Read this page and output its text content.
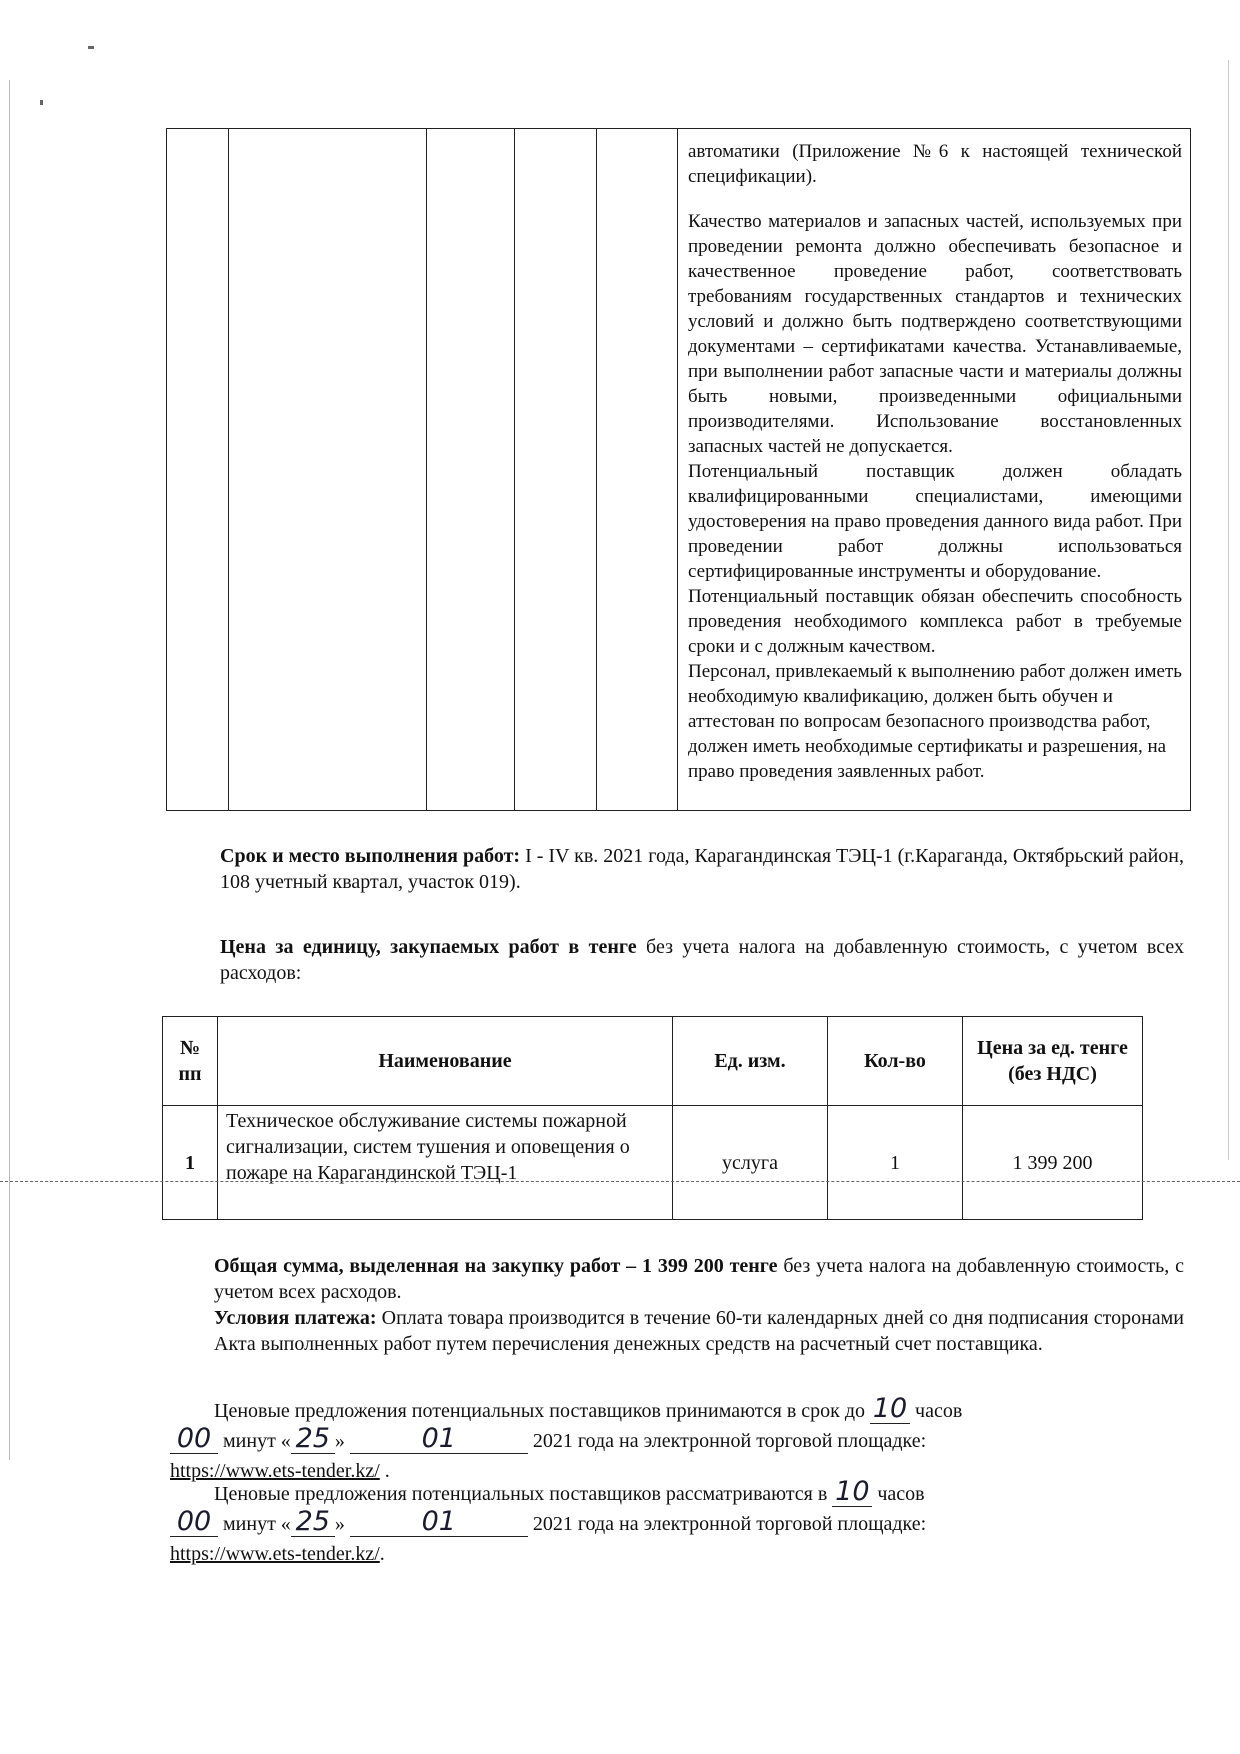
автоматики (Приложение №6 к настоящей технической спецификации).

Качество материалов и запасных частей, используемых при проведении ремонта должно обеспечивать безопасное и качественное проведение работ, соответствовать требованиям государственных стандартов и технических условий и должно быть подтверждено соответствующими документами – сертификатами качества. Устанавливаемые, при выполнении работ запасные части и материалы должны быть новыми, произведенными официальными производителями. Использование восстановленных запасных частей не допускается.

Потенциальный поставщик должен обладать квалифицированными специалистами, имеющими удостоверения на право проведения данного вида работ. При проведении работ должны использоваться сертифицированные инструменты и оборудование.

Потенциальный поставщик обязан обеспечить способность проведения необходимого комплекса работ в требуемые сроки и с должным качеством.

Персонал, привлекаемый к выполнению работ должен иметь необходимую квалификацию, должен быть обучен и аттестован по вопросам безопасного производства работ, должен иметь необходимые сертификаты и разрешения, на право проведения заявленных работ.

Срок и место выполнения работ: I - IV кв. 2021 года, Карагандинская ТЭЦ-1 (г.Караганда, Октябрьский район, 108 учетный квартал, участок 019).

Цена за единицу, закупаемых работ в тенге без учета налога на добавленную стоимость, с учетом всех расходов:

№ пп	Наименование	Ед. изм.	Кол-во	Цена за ед. тенге (без НДС)
1	Техническое обслуживание системы пожарной сигнализации, систем тушения и оповещения о пожаре на Карагандинской ТЭЦ-1	услуга	1	1 399 200

Общая сумма, выделенная на закупку работ – 1 399 200 тенге без учета налога на добавленную стоимость, с учетом всех расходов.

Условия платежа: Оплата товара производится в течение 60-ти календарных дней со дня подписания сторонами Акта выполненных работ путем перечисления денежных средств на расчетный счет поставщика.

Ценовые предложения потенциальных поставщиков принимаются в срок до 10 часов
00 минут « 25 »	01	2021 года на электронной торговой площадке:
https://www.ets-tender.kz/ .

Ценовые предложения потенциальных поставщиков рассматриваются в 10 часов
00 минут « 25 »	01	2021 года на электронной торговой площадке:
https://www.ets-tender.kz/.
